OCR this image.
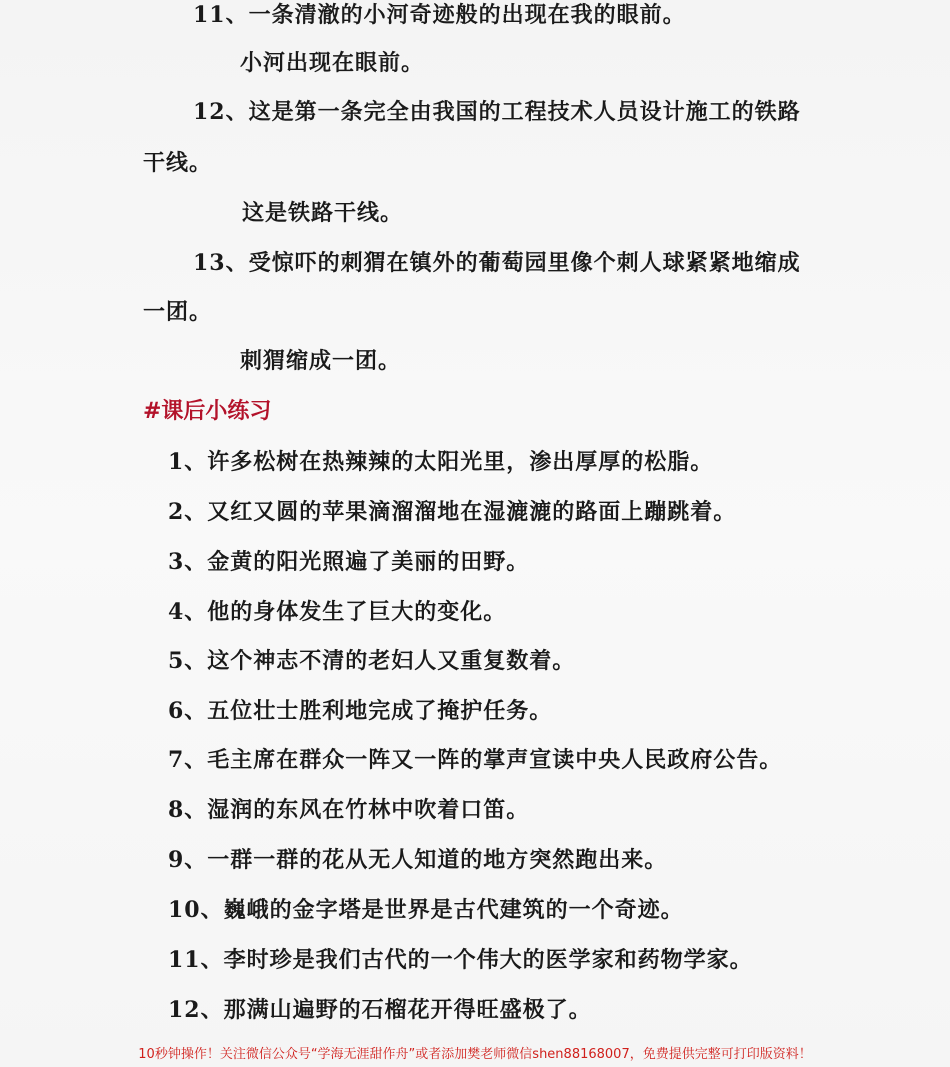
11、一条清澈的小河奇迹般的出现在我的眼前。
小河出现在眼前。
12、这是第一条完全由我国的工程技术人员设计施工的铁路
干线。
这是铁路干线。
13、受惊吓的刺猬在镇外的葡萄园里像个刺人球紧紧地缩成
一团。
刺猬缩成一团。
#课后小练习
1、许多松树在热辣辣的太阳光里，渗出厚厚的松脂。
2、又红又圆的苹果滴溜溜地在湿漉漉的路面上蹦跳着。
3、金黄的阳光照遍了美丽的田野。
4、他的身体发生了巨大的变化。
5、这个神志不清的老妇人又重复数着。
6、五位壮士胜利地完成了掩护任务。
7、毛主席在群众一阵又一阵的掌声宣读中央人民政府公告。
8、湿润的东风在竹林中吹着口笛。
9、一群一群的花从无人知道的地方突然跑出来。
10、巍峨的金字塔是世界是古代建筑的一个奇迹。
11、李时珍是我们古代的一个伟大的医学家和药物学家。
12、那满山遍野的石榴花开得旺盛极了。
10秒钟操作！关注微信公众号“学海无涯甜作舟”或者添加樊老师微信shen88168007，免费提供完整可打印版资料！
